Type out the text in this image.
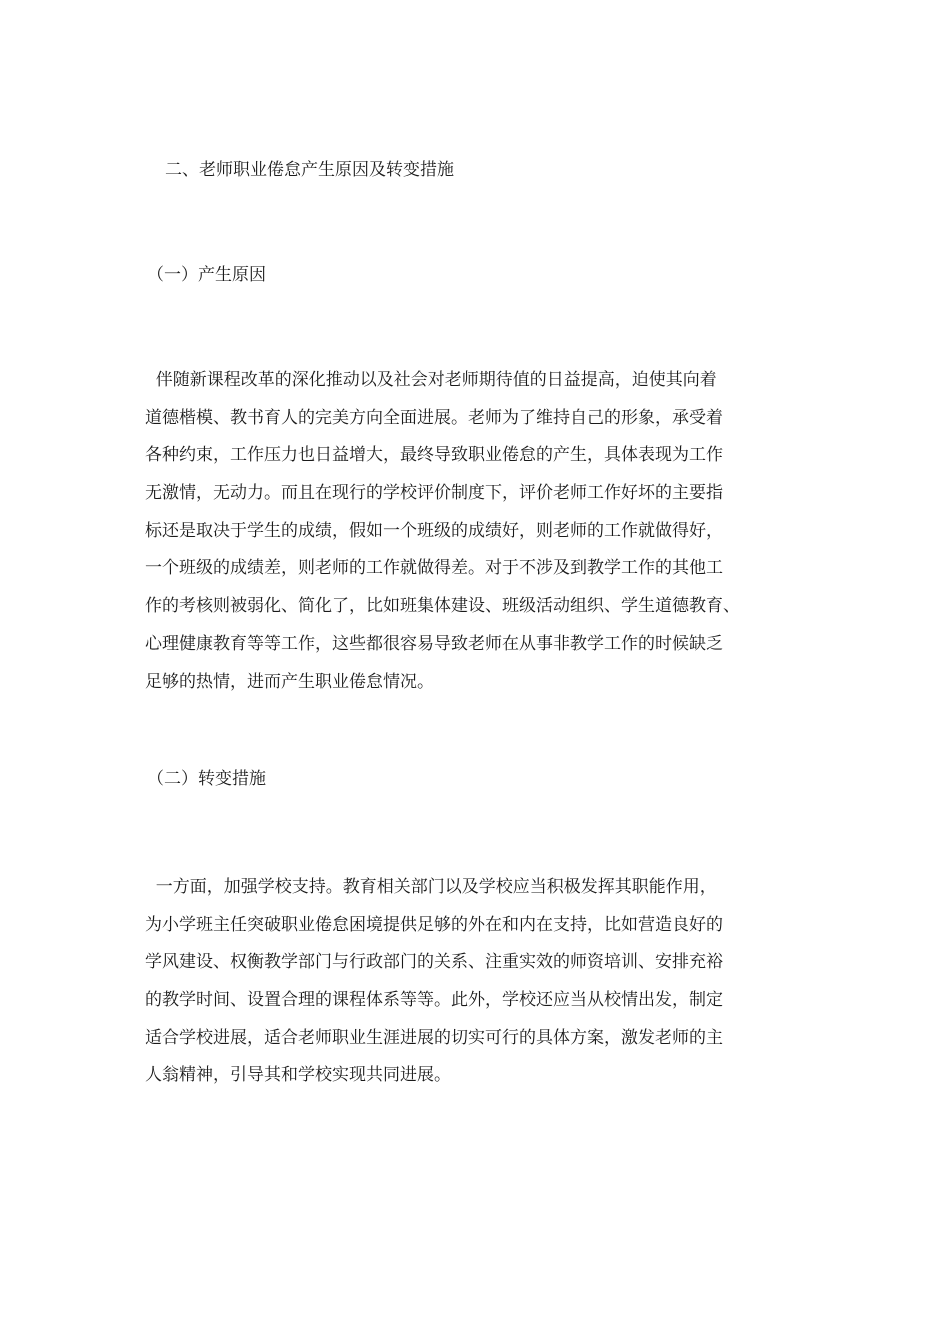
二、老师职业倦怠产生原因及转变措施
（一）产生原因
伴随新课程改革的深化推动以及社会对老师期待值的日益提高，迫使其向着
道德楷模、教书育人的完美方向全面进展。老师为了维持自己的形象，承受着
各种约束，工作压力也日益增大，最终导致职业倦怠的产生，具体表现为工作
无激情，无动力。而且在现行的学校评价制度下，评价老师工作好坏的主要指
标还是取决于学生的成绩，假如一个班级的成绩好，则老师的工作就做得好，
一个班级的成绩差，则老师的工作就做得差。对于不涉及到教学工作的其他工
作的考核则被弱化、简化了，比如班集体建设、班级活动组织、学生道德教育、
心理健康教育等等工作，这些都很容易导致老师在从事非教学工作的时候缺乏
足够的热情，进而产生职业倦怠情况。
（二）转变措施
一方面，加强学校支持。教育相关部门以及学校应当积极发挥其职能作用，
为小学班主任突破职业倦怠困境提供足够的外在和内在支持，比如营造良好的
学风建设、权衡教学部门与行政部门的关系、注重实效的师资培训、安排充裕
的教学时间、设置合理的课程体系等等。此外，学校还应当从校情出发，制定
适合学校进展，适合老师职业生涯进展的切实可行的具体方案，激发老师的主
人翁精神，引导其和学校实现共同进展。
